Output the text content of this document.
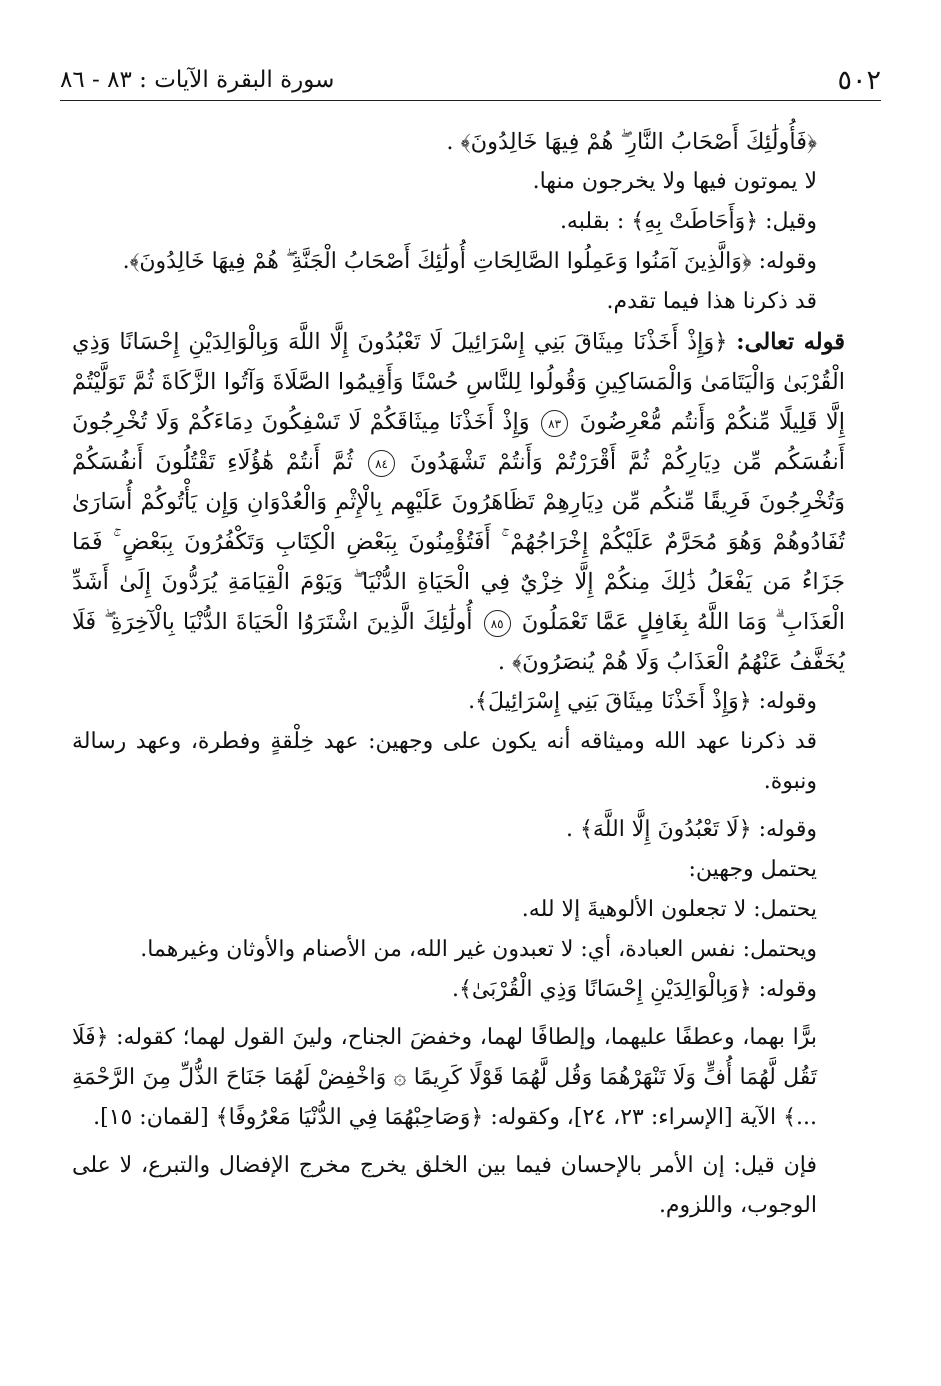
٥٠٢
سورة البقرة الآيات : ٨٣ - ٨٦

﴿فَأُولَٰئِكَ أَصْحَابُ النَّارِ ۖ هُمْ فِيهَا خَالِدُونَ﴾ .

لا يموتون فيها ولا يخرجون منها.

وقيل: ﴿وَأَحَاطَتْ بِهِ﴾ : بقلبه.

وقوله: ﴿وَالَّذِينَ آمَنُوا وَعَمِلُوا الصَّالِحَاتِ أُولَٰئِكَ أَصْحَابُ الْجَنَّةِ ۖ هُمْ فِيهَا خَالِدُونَ﴾.

قد ذكرنا هذا فيما تقدم.

قوله تعالى: ﴿وَإِذْ أَخَذْنَا مِيثَاقَ بَنِي إِسْرَائِيلَ لَا تَعْبُدُونَ إِلَّا اللَّهَ وَبِالْوَالِدَيْنِ إِحْسَانًا وَذِي الْقُرْبَىٰ وَالْيَتَامَىٰ وَالْمَسَاكِينِ وَقُولُوا لِلنَّاسِ حُسْنًا وَأَقِيمُوا الصَّلَاةَ وَآتُوا الزَّكَاةَ ثُمَّ تَوَلَّيْتُمْ إِلَّا قَلِيلًا مِّنكُمْ وَأَنتُم مُّعْرِضُونَ ٨٣ وَإِذْ أَخَذْنَا مِيثَاقَكُمْ لَا تَسْفِكُونَ دِمَاءَكُمْ وَلَا تُخْرِجُونَ أَنفُسَكُم مِّن دِيَارِكُمْ ثُمَّ أَقْرَرْتُمْ وَأَنتُمْ تَشْهَدُونَ ٨٤ ثُمَّ أَنتُمْ هَٰؤُلَاءِ تَقْتُلُونَ أَنفُسَكُمْ وَتُخْرِجُونَ فَرِيقًا مِّنكُم مِّن دِيَارِهِمْ تَظَاهَرُونَ عَلَيْهِم بِالْإِثْمِ وَالْعُدْوَانِ وَإِن يَأْتُوكُمْ أُسَارَىٰ تُفَادُوهُمْ وَهُوَ مُحَرَّمٌ عَلَيْكُمْ إِخْرَاجُهُمْ ۚ أَفَتُؤْمِنُونَ بِبَعْضِ الْكِتَابِ وَتَكْفُرُونَ بِبَعْضٍ ۚ فَمَا جَزَاءُ مَن يَفْعَلُ ذَٰلِكَ مِنكُمْ إِلَّا خِزْيٌ فِي الْحَيَاةِ الدُّنْيَا ۖ وَيَوْمَ الْقِيَامَةِ يُرَدُّونَ إِلَىٰ أَشَدِّ الْعَذَابِ ۗ وَمَا اللَّهُ بِغَافِلٍ عَمَّا تَعْمَلُونَ ٨٥ أُولَٰئِكَ الَّذِينَ اشْتَرَوُا الْحَيَاةَ الدُّنْيَا بِالْآخِرَةِ ۖ فَلَا يُخَفَّفُ عَنْهُمُ الْعَذَابُ وَلَا هُمْ يُنصَرُونَ﴾ .

وقوله: ﴿وَإِذْ أَخَذْنَا مِيثَاقَ بَنِي إِسْرَائِيلَ﴾.

قد ذكرنا عهد الله وميثاقه أنه يكون على وجهين: عهد خِلْقةٍ وفطرة، وعهد رسالة ونبوة.

وقوله: ﴿لَا تَعْبُدُونَ إِلَّا اللَّهَ﴾ .

يحتمل وجهين:

يحتمل: لا تجعلون الألوهيةَ إلا لله.

ويحتمل: نفس العبادة، أي: لا تعبدون غير الله، من الأصنام والأوثان وغيرهما.

وقوله: ﴿وَبِالْوَالِدَيْنِ إِحْسَانًا وَذِي الْقُرْبَىٰ﴾.

برًّا بهما، وعطفًا عليهما، وإلطافًا لهما، وخفضَ الجناح، ولينَ القول لهما؛ كقوله: ﴿فَلَا تَقُل لَّهُمَا أُفٍّ وَلَا تَنْهَرْهُمَا وَقُل لَّهُمَا قَوْلًا كَرِيمًا ۞ وَاخْفِضْ لَهُمَا جَنَاحَ الذُّلِّ مِنَ الرَّحْمَةِ ...﴾ الآية [الإسراء: ٢٣، ٢٤]، وكقوله: ﴿وَصَاحِبْهُمَا فِي الدُّنْيَا مَعْرُوفًا﴾ [لقمان: ١٥].

فإن قيل: إن الأمر بالإحسان فيما بين الخلق يخرج مخرج الإفضال والتبرع، لا على الوجوب، واللزوم.
